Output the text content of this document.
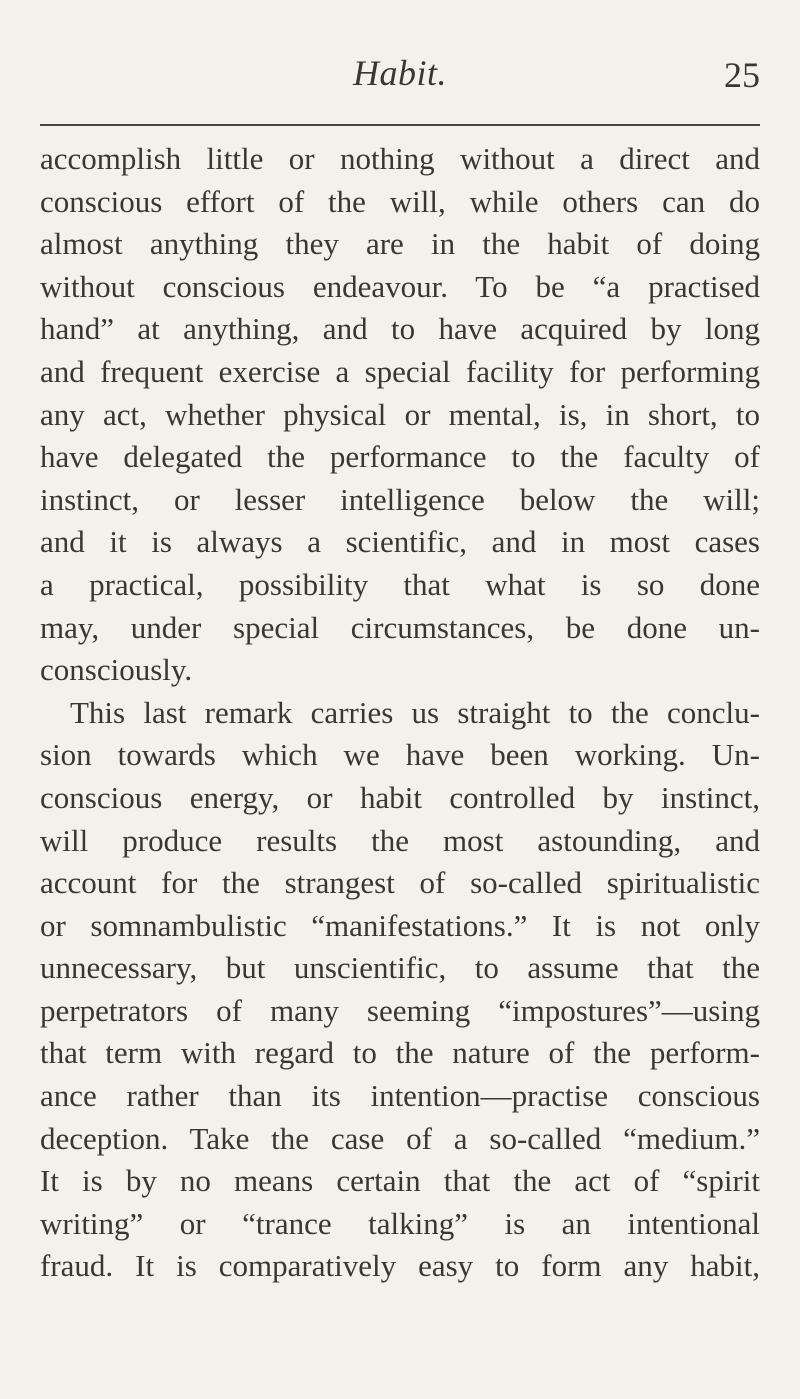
Habit.	25
accomplish little or nothing without a direct and
conscious effort of the will, while others can do
almost anything they are in the habit of doing
without conscious endeavour. To be “a practised
hand” at anything, and to have acquired by long
and frequent exercise a special facility for performing
any act, whether physical or mental, is, in short, to
have delegated the performance to the faculty of
instinct, or lesser intelligence below the will;
and it is always a scientific, and in most cases
a practical, possibility that what is so done
may, under special circumstances, be done un-
consciously.
This last remark carries us straight to the conclu-
sion towards which we have been working. Un-
conscious energy, or habit controlled by instinct,
will produce results the most astounding, and
account for the strangest of so-called spiritualistic
or somnambulistic “manifestations.” It is not only
unnecessary, but unscientific, to assume that the
perpetrators of many seeming “impostures”—using
that term with regard to the nature of the perform-
ance rather than its intention—practise conscious
deception. Take the case of a so-called “medium.”
It is by no means certain that the act of “spirit
writing” or “trance talking” is an intentional
fraud. It is comparatively easy to form any habit,
